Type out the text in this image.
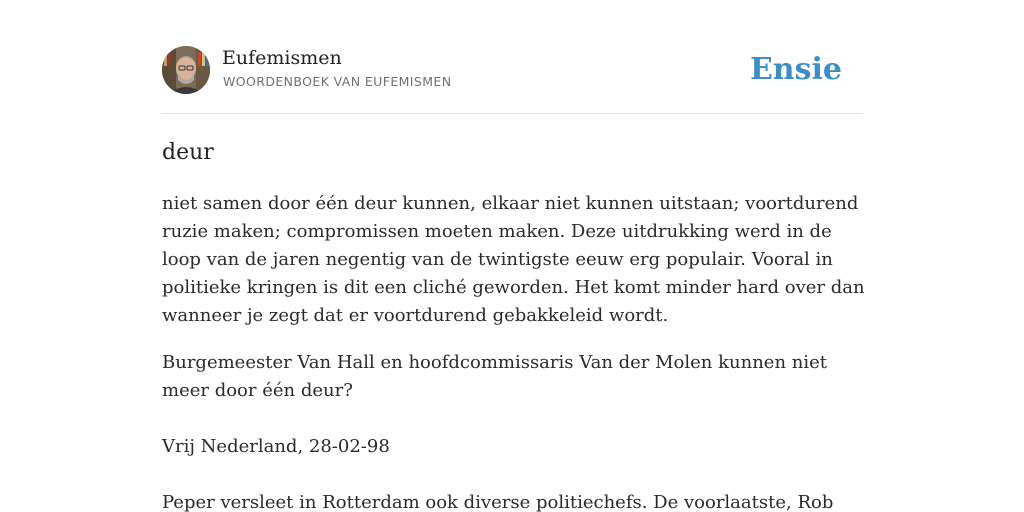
Eufemismen
WOORDENBOEK VAN EUFEMISMEN	Ensie
deur

niet samen door één deur kunnen, elkaar niet kunnen uitstaan; voortdurend ruzie maken; compromissen moeten maken. Deze uitdrukking werd in de loop van de jaren negentig van de twintigste eeuw erg populair. Vooral in politieke kringen is dit een cliché geworden. Het komt minder hard over dan wanneer je zegt dat er voortdurend gebakkeleid wordt.

Burgemeester Van Hall en hoofdcommissaris Van der Molen kunnen niet meer door één deur?

Vrij Nederland, 28-02-98

Peper versleet in Rotterdam ook diverse politiechefs. De voorlaatste, Rob
